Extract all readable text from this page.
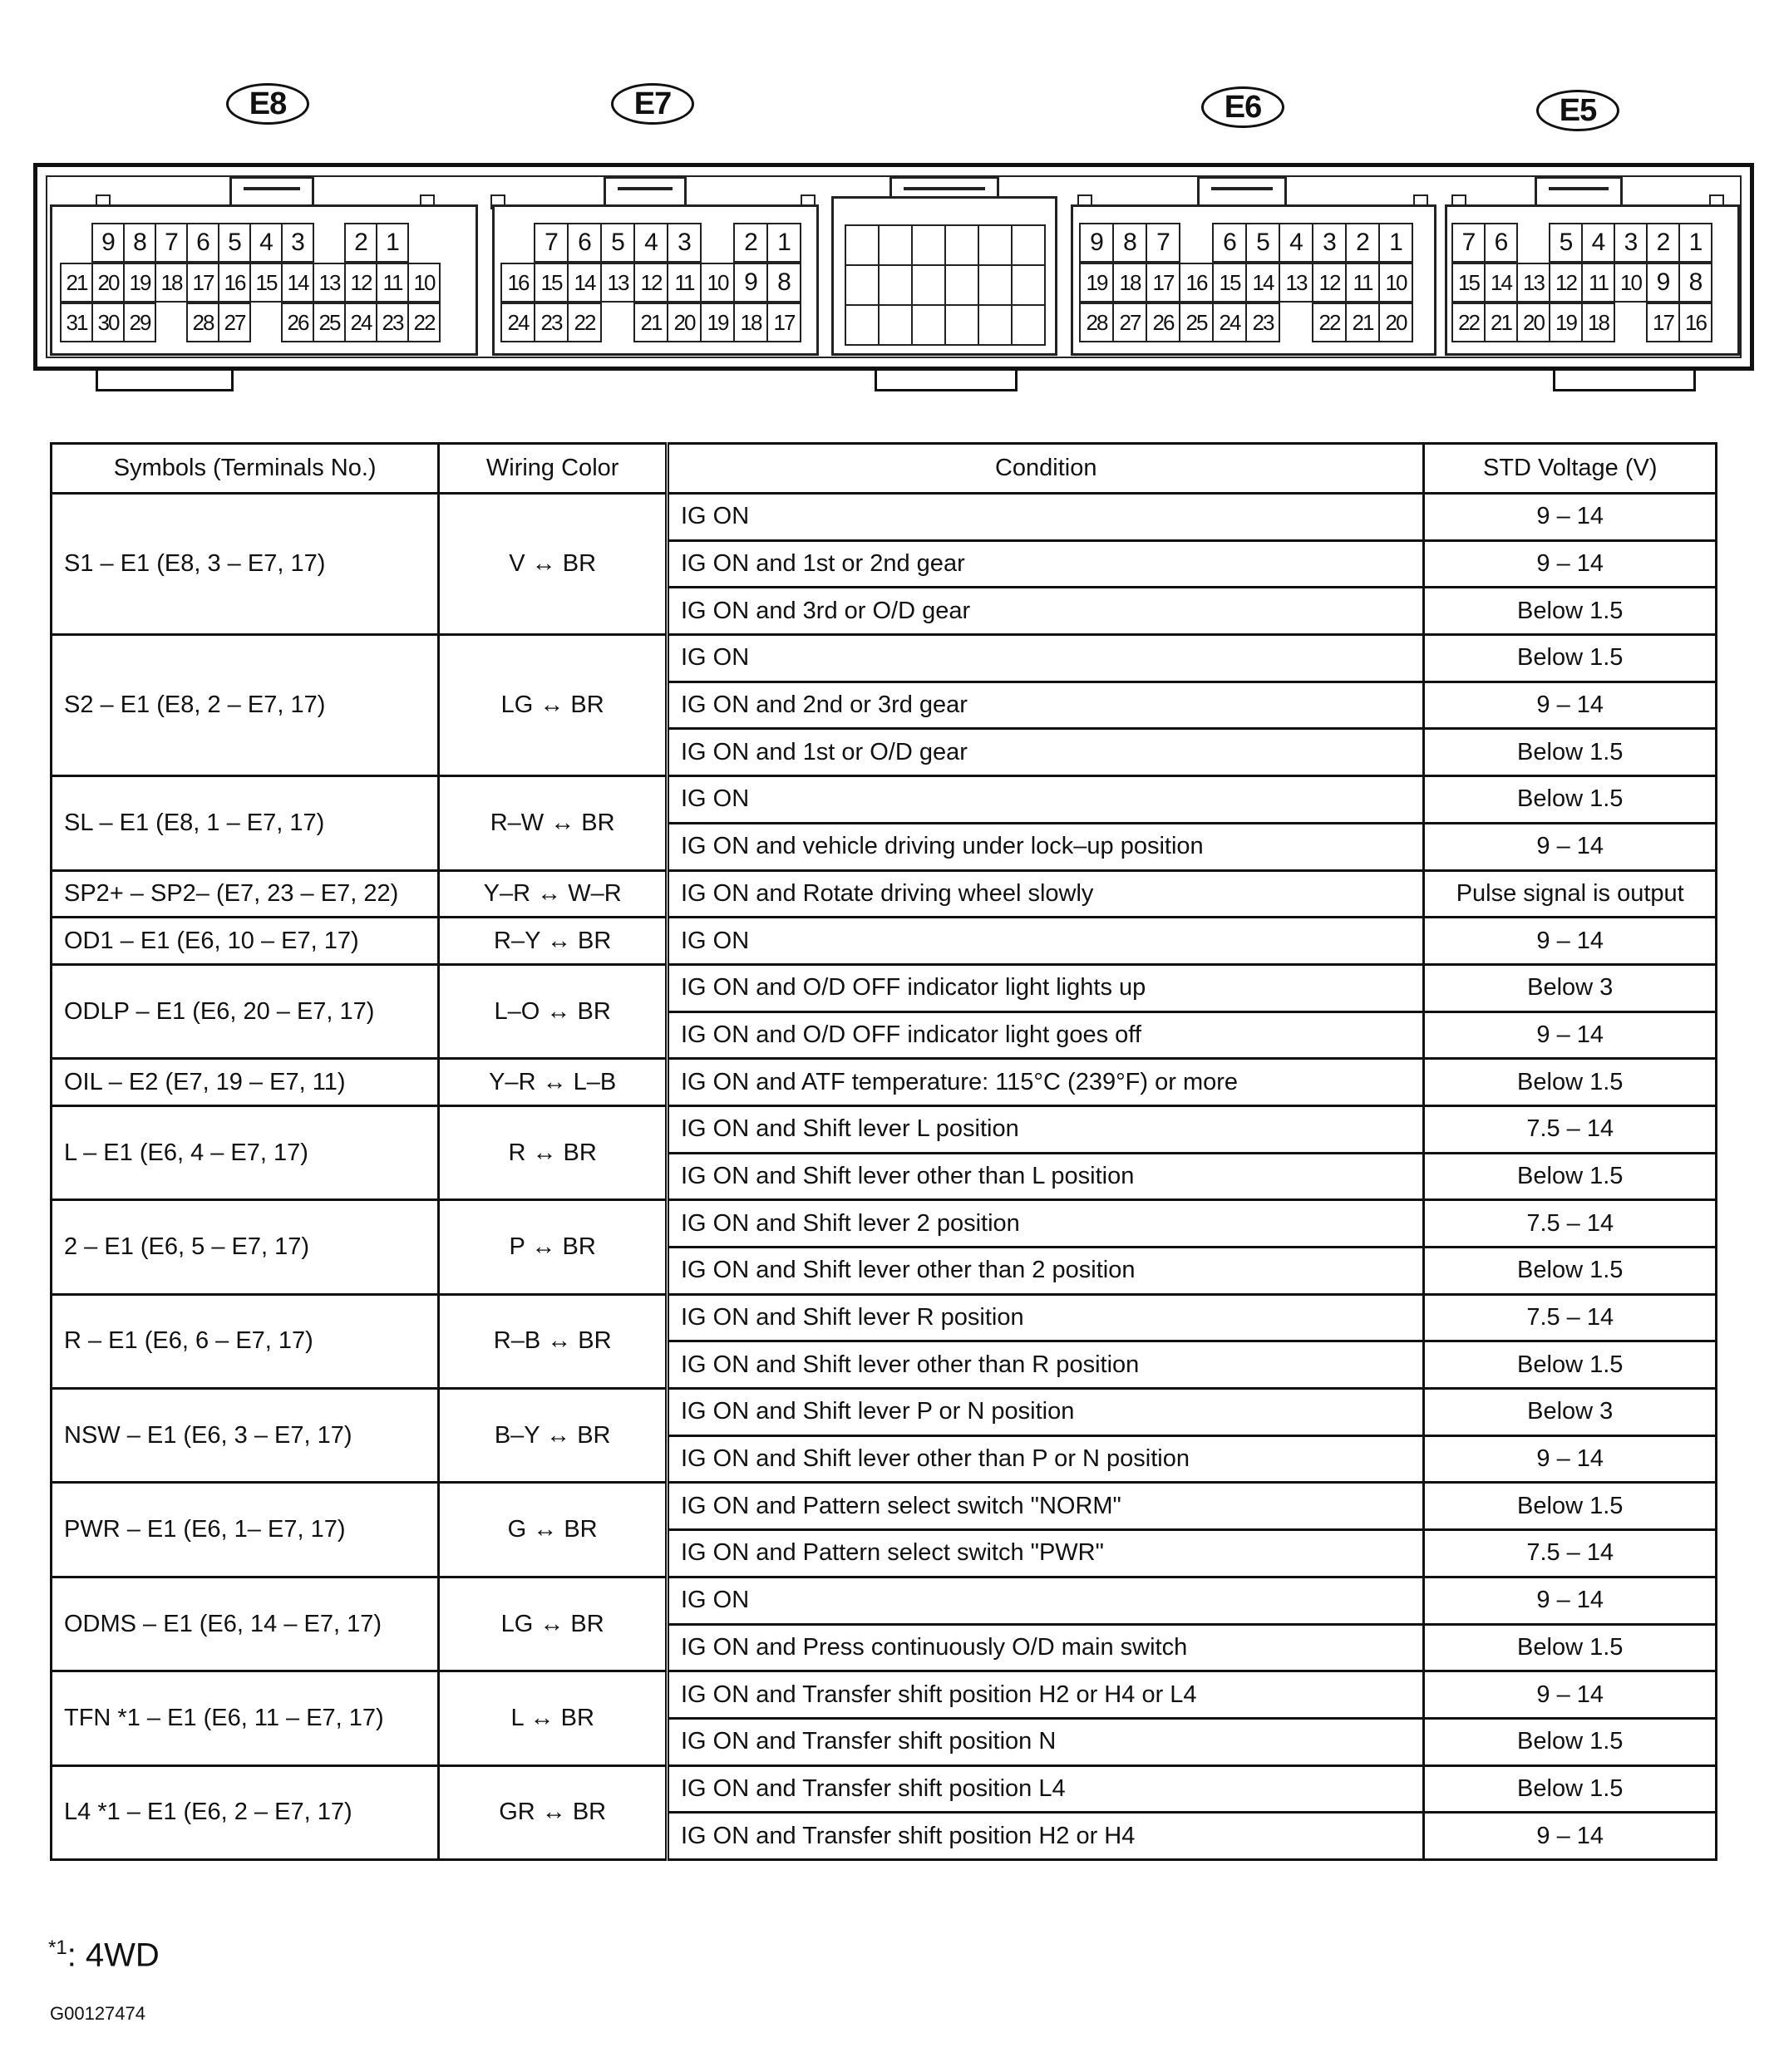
E8	E7	E6	E5
9 8 7 6 5 4 3	2 1
21 20 19 18 17 16 15 14 13 12 11 10
31 30 29 28 27 26 25 24 23 22
7 6 5 4 3	2 1
16 15 14 13 12 11 10 9 8
24 23 22	21 20 19 18 17
9 8 7	6 5 4 3 2 1
19 18 17 16 15 14 13 12 11 10
28 27 26 25 24 23	22 21 20
7 6	5 4 3 2 1
15 14 13 12 11 10 9 8
22 21 20 19 18	17 16
Symbols (Terminals No.)	Wiring Color	Condition	STD Voltage (V)
S1 – E1 (E8, 3 – E7, 17)	V ↔ BR	IG ON	9 – 14
		IG ON and 1st or 2nd gear	9 – 14
		IG ON and 3rd or O/D gear	Below 1.5
S2 – E1 (E8, 2 – E7, 17)	LG ↔ BR	IG ON	Below 1.5
		IG ON and 2nd or 3rd gear	9 – 14
		IG ON and 1st or O/D gear	Below 1.5
SL – E1 (E8, 1 – E7, 17)	R–W ↔ BR	IG ON	Below 1.5
		IG ON and vehicle driving under lock–up position	9 – 14
SP2+ – SP2– (E7, 23 – E7, 22)	Y–R ↔ W–R	IG ON and Rotate driving wheel slowly	Pulse signal is output
OD1 – E1 (E6, 10 – E7, 17)	R–Y ↔ BR	IG ON	9 – 14
ODLP – E1 (E6, 20 – E7, 17)	L–O ↔ BR	IG ON and O/D OFF indicator light lights up	Below 3
		IG ON and O/D OFF indicator light goes off	9 – 14
OIL – E2 (E7, 19 – E7, 11)	Y–R ↔ L–B	IG ON and ATF temperature: 115°C (239°F) or more	Below 1.5
L – E1 (E6, 4 – E7, 17)	R ↔ BR	IG ON and Shift lever L position	7.5 – 14
		IG ON and Shift lever other than L position	Below 1.5
2 – E1 (E6, 5 – E7, 17)	P ↔ BR	IG ON and Shift lever 2 position	7.5 – 14
		IG ON and Shift lever other than 2 position	Below 1.5
R – E1 (E6, 6 – E7, 17)	R–B ↔ BR	IG ON and Shift lever R position	7.5 – 14
		IG ON and Shift lever other than R position	Below 1.5
NSW – E1 (E6, 3 – E7, 17)	B–Y ↔ BR	IG ON and Shift lever P or N position	Below 3
		IG ON and Shift lever other than P or N position	9 – 14
PWR – E1 (E6, 1– E7, 17)	G ↔ BR	IG ON and Pattern select switch "NORM"	Below 1.5
		IG ON and Pattern select switch "PWR"	7.5 – 14
ODMS – E1 (E6, 14 – E7, 17)	LG ↔ BR	IG ON	9 – 14
		IG ON and Press continuously O/D main switch	Below 1.5
TFN *1 – E1 (E6, 11 – E7, 17)	L ↔ BR	IG ON and Transfer shift position H2 or H4 or L4	9 – 14
		IG ON and Transfer shift position N	Below 1.5
L4 *1 – E1 (E6, 2 – E7, 17)	GR ↔ BR	IG ON and Transfer shift position L4	Below 1.5
		IG ON and Transfer shift position H2 or H4	9 – 14
$^{*1}$: 4WD
G00127474
